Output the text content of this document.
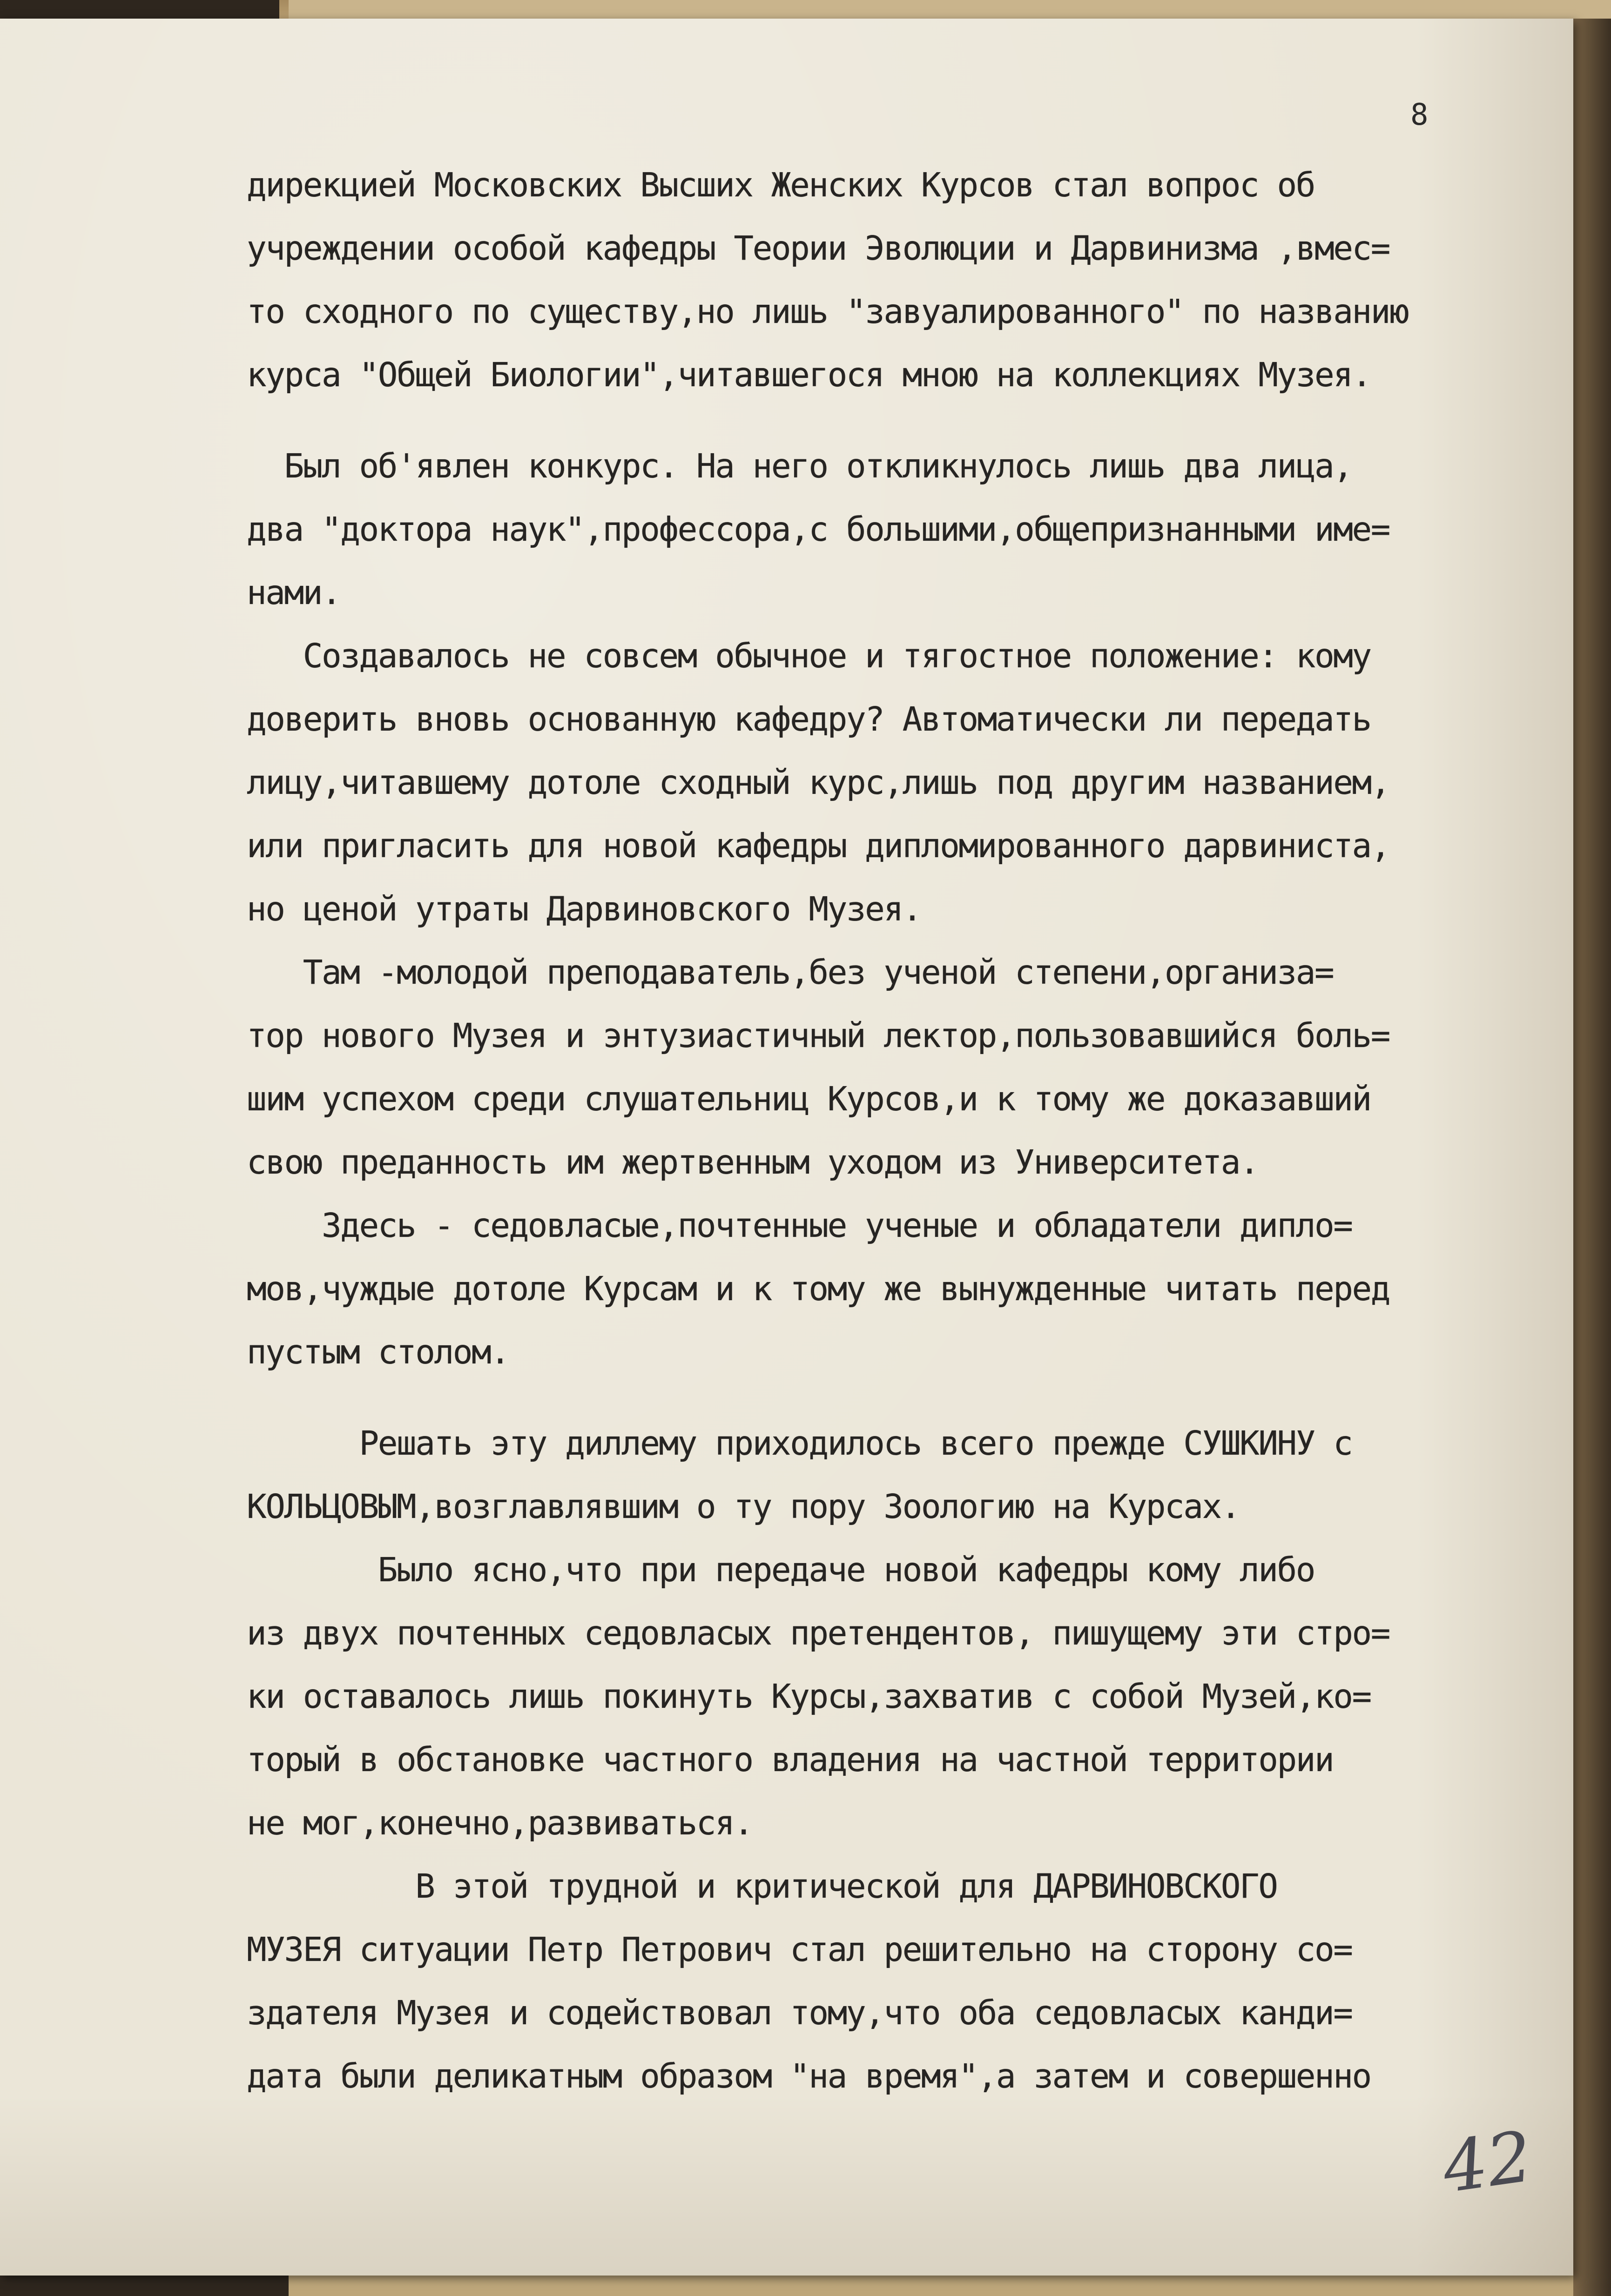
8
дирекцией Московских Высших Женских Курсов стал вопрос об
учреждении особой кафедры Теории Эволюции и Дарвинизма ,вмес=
то сходного по существу,но лишь "завуалированного" по названию
курса "Общей Биологии",читавшегося мною на коллекциях Музея.
Был об'явлен конкурс. На него откликнулось лишь два лица,
два "доктора наук",профессора,с большими,общепризнанными име=
нами.
Создавалось не совсем обычное и тягостное положение: кому
доверить вновь основанную кафедру? Автоматически ли передать
лицу,читавшему дотоле сходный курс,лишь под другим названием,
или пригласить для новой кафедры дипломированного дарвиниста,
но ценой утраты Дарвиновского Музея.
Там -молодой преподаватель,без ученой степени,организа=
тор нового Музея и энтузиастичный лектор,пользовавшийся боль=
шим успехом среди слушательниц Курсов,и к тому же доказавший
свою преданность им жертвенным уходом из Университета.
Здесь - седовласые,почтенные ученые и обладатели дипло=
мов,чуждые дотоле Курсам и к тому же вынужденные читать перед
пустым столом.
Решать эту диллему приходилось всего прежде СУШКИНУ с
КОЛЬЦОВЫМ,возглавлявшим о ту пору Зоологию на Курсах.
Было ясно,что при передаче новой кафедры кому либо
из двух почтенных седовласых претендентов, пишущему эти стро=
ки оставалось лишь покинуть Курсы,захватив с собой Музей,ко=
торый в обстановке частного владения на частной территории
не мог,конечно,развиваться.
В этой трудной и критической для ДАРВИНОВСКОГО
МУЗЕЯ ситуации Петр Петрович стал решительно на сторону со=
здателя Музея и содействовал тому,что оба седовласых канди=
дата были деликатным образом "на время",а затем и совершенно
42
